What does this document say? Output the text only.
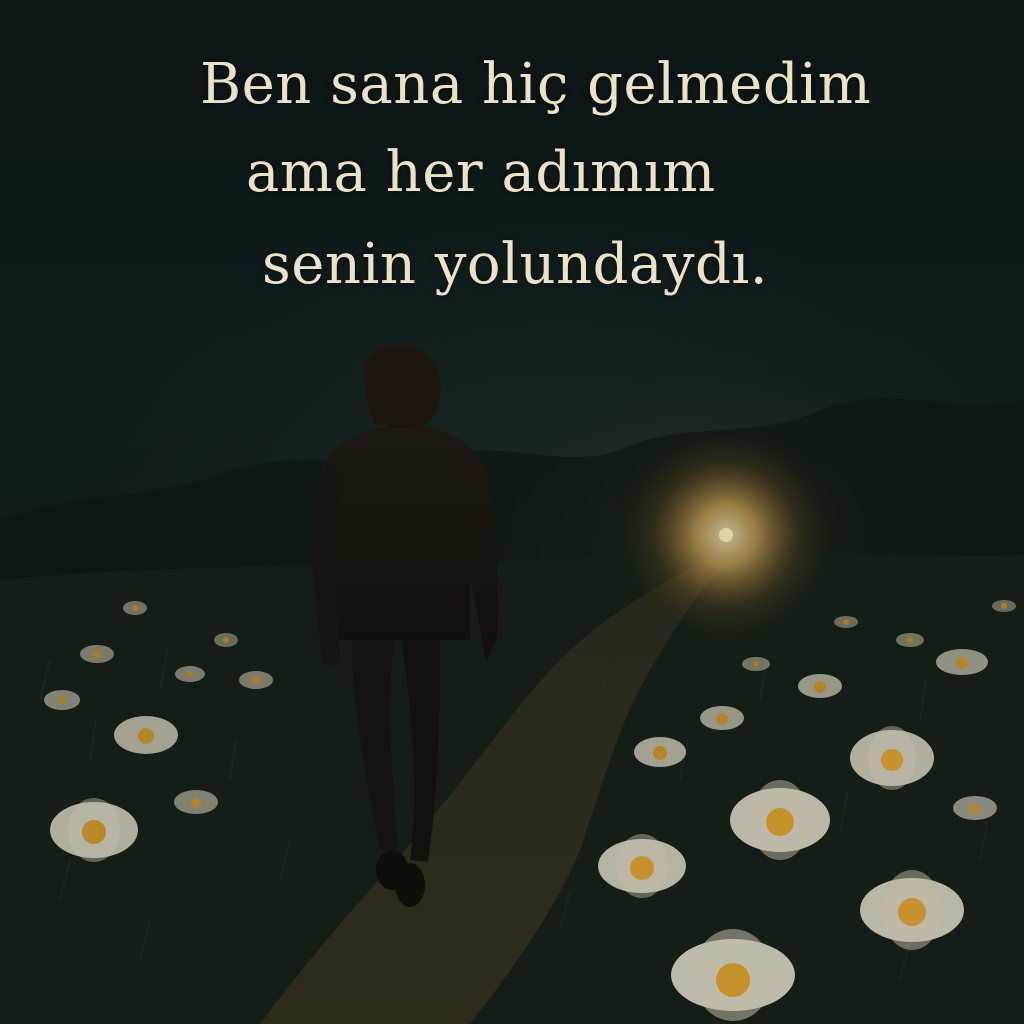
Ben sana hiç gelmedim

ama her adımım

senin yolundaydı.
